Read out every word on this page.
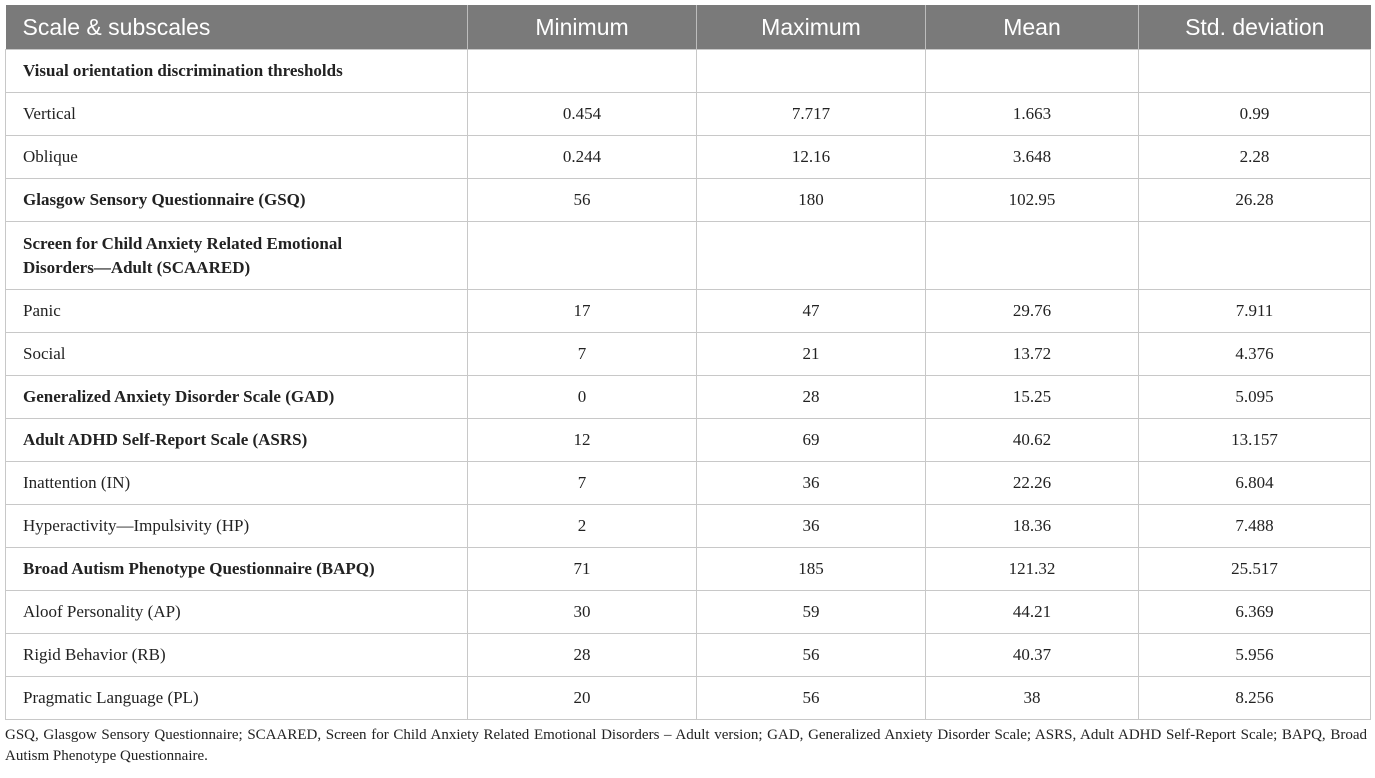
Scale & subscales	Minimum	Maximum	Mean	Std. deviation
Visual orientation discrimination thresholds				
Vertical	0.454	7.717	1.663	0.99
Oblique	0.244	12.16	3.648	2.28
Glasgow Sensory Questionnaire (GSQ)	56	180	102.95	26.28
Screen for Child Anxiety Related Emotional Disorders—Adult (SCAARED)				
Panic	17	47	29.76	7.911
Social	7	21	13.72	4.376
Generalized Anxiety Disorder Scale (GAD)	0	28	15.25	5.095
Adult ADHD Self-Report Scale (ASRS)	12	69	40.62	13.157
Inattention (IN)	7	36	22.26	6.804
Hyperactivity—Impulsivity (HP)	2	36	18.36	7.488
Broad Autism Phenotype Questionnaire (BAPQ)	71	185	121.32	25.517
Aloof Personality (AP)	30	59	44.21	6.369
Rigid Behavior (RB)	28	56	40.37	5.956
Pragmatic Language (PL)	20	56	38	8.256
GSQ, Glasgow Sensory Questionnaire; SCAARED, Screen for Child Anxiety Related Emotional Disorders – Adult version; GAD, Generalized Anxiety Disorder Scale; ASRS, Adult ADHD Self-Report Scale; BAPQ, Broad Autism Phenotype Questionnaire.
